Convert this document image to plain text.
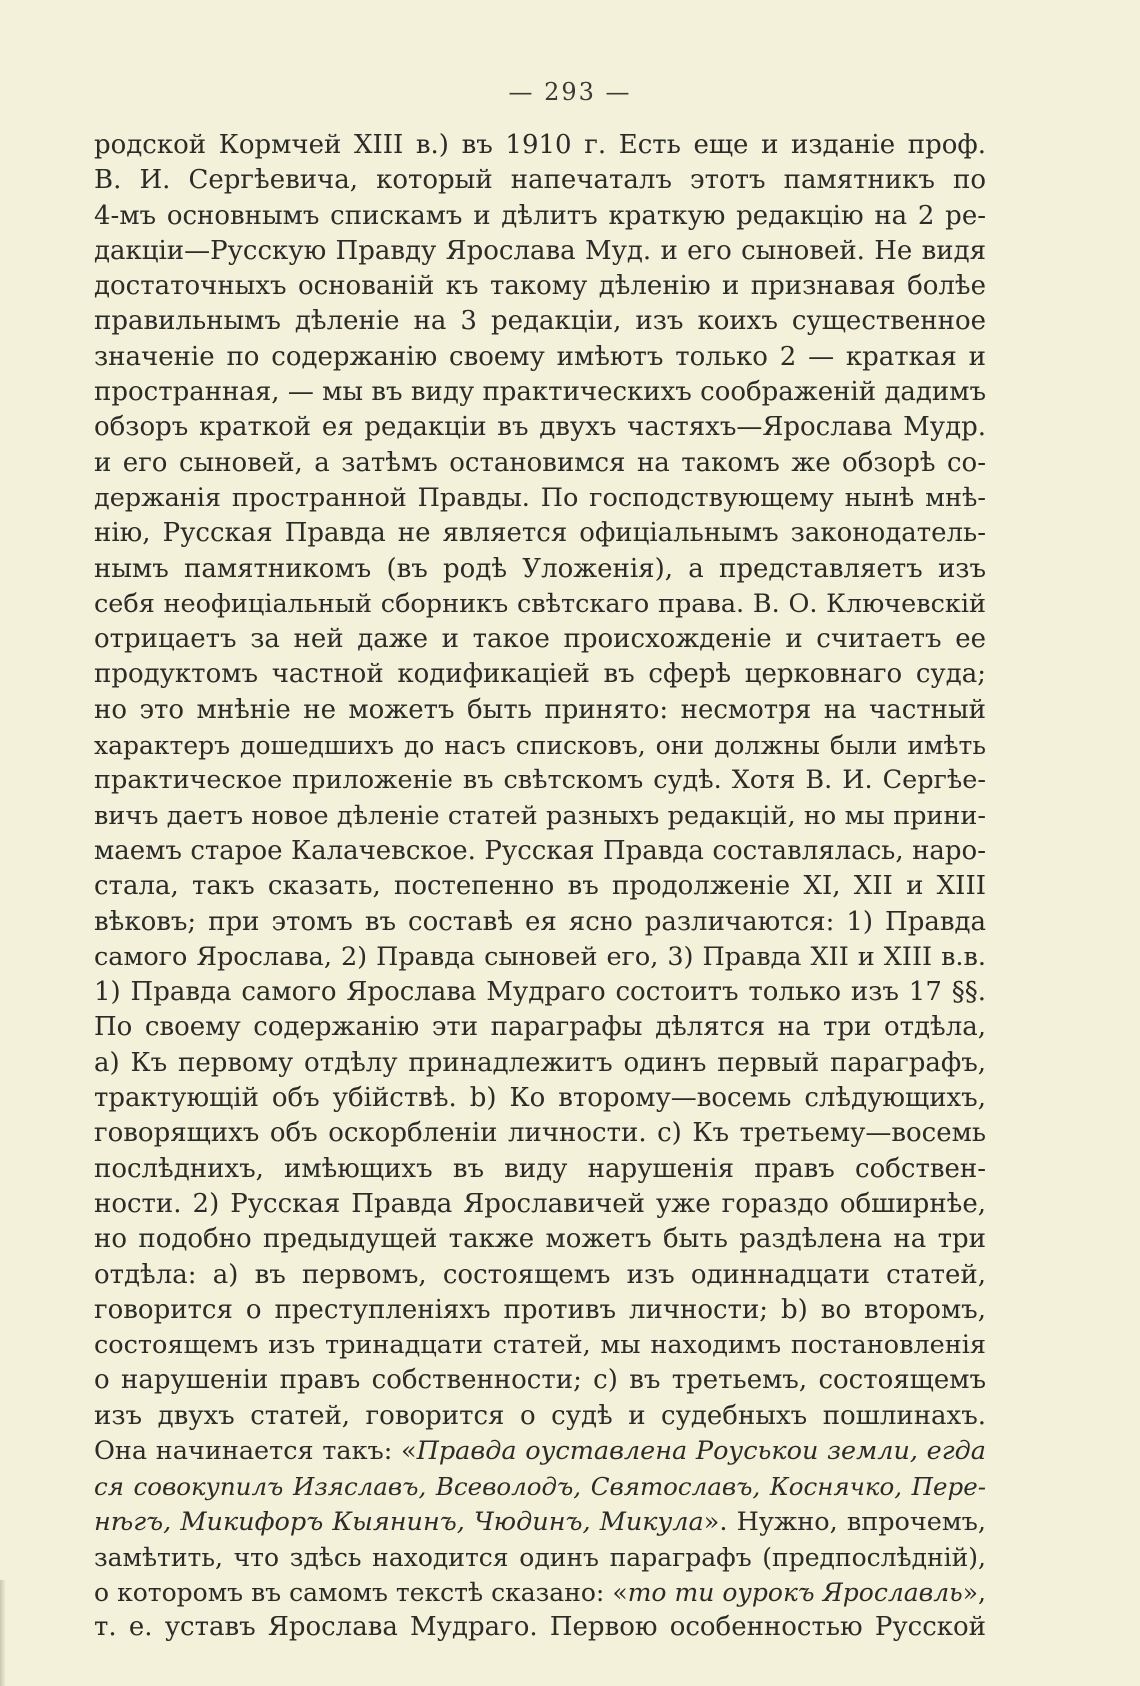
— 293 —
родской Кормчей XIII в.) въ 1910 г. Есть еще и изданіе проф.
В. И. Сергѣевича, который напечаталъ этотъ памятникъ по
4-мъ основнымъ спискамъ и дѣлитъ краткую редакцію на 2 ре-
дакціи—Русскую Правду Ярослава Муд. и его сыновей. Не видя
достаточныхъ основаній къ такому дѣленію и признавая болѣе
правильнымъ дѣленіе на 3 редакціи, изъ коихъ существенное
значеніе по содержанію своему имѣютъ только 2 — краткая и
пространная, — мы въ виду практическихъ соображеній дадимъ
обзоръ краткой ея редакціи въ двухъ частяхъ—Ярослава Мудр.
и его сыновей, а затѣмъ остановимся на такомъ же обзорѣ со-
держанія пространной Правды. По господствующему нынѣ мнѣ-
нію, Русская Правда не является офиціальнымъ законодатель-
нымъ памятникомъ (въ родѣ Уложенія), а представляетъ изъ
себя неофиціальный сборникъ свѣтскаго права. В. О. Ключевскій
отрицаетъ за ней даже и такое происхожденіе и считаетъ ее
продуктомъ частной кодификаціей въ сферѣ церковнаго суда;
но это мнѣніе не можетъ быть принято: несмотря на частный
характеръ дошедшихъ до насъ списковъ, они должны были имѣть
практическое приложеніе въ свѣтскомъ судѣ. Хотя В. И. Сергѣе-
вичъ даетъ новое дѣленіе статей разныхъ редакцій, но мы прини-
маемъ старое Калачевское. Русская Правда составлялась, наро-
стала, такъ сказать, постепенно въ продолженіе XI, XII и XIII
вѣковъ; при этомъ въ составѣ ея ясно различаются: 1) Правда
самого Ярослава, 2) Правда сыновей его, 3) Правда XII и XIII в.в.
1) Правда самого Ярослава Мудраго состоитъ только изъ 17 §§.
По своему содержанію эти параграфы дѣлятся на три отдѣла,
а) Къ первому отдѣлу принадлежитъ одинъ первый параграфъ,
трактующій объ убійствѣ. b) Ко второму—восемь слѣдующихъ,
говорящихъ объ оскорбленіи личности. c) Къ третьему—восемь
послѣднихъ, имѣющихъ въ виду нарушенія правъ собствен-
ности. 2) Русская Правда Ярославичей уже гораздо обширнѣе,
но подобно предыдущей также можетъ быть раздѣлена на три
отдѣла: а) въ первомъ, состоящемъ изъ одиннадцати статей,
говорится о преступленіяхъ противъ личности; b) во второмъ,
состоящемъ изъ тринадцати статей, мы находимъ постановленія
о нарушеніи правъ собственности; c) въ третьемъ, состоящемъ
изъ двухъ статей, говорится о судѣ и судебныхъ пошлинахъ.
Она начинается такъ: «Правда оуставлена Роуськои земли, егда
ся совокупилъ Изяславъ, Всеволодъ, Святославъ, Коснячко, Пере-
нѣгъ, Микифоръ Кыянинъ, Чюдинъ, Микула». Нужно, впрочемъ,
замѣтить, что здѣсь находится одинъ параграфъ (предпослѣдній),
о которомъ въ самомъ текстѣ сказано: «то ти оурокъ Ярославль»,
т. е. уставъ Ярослава Мудраго. Первою особенностью Русской
